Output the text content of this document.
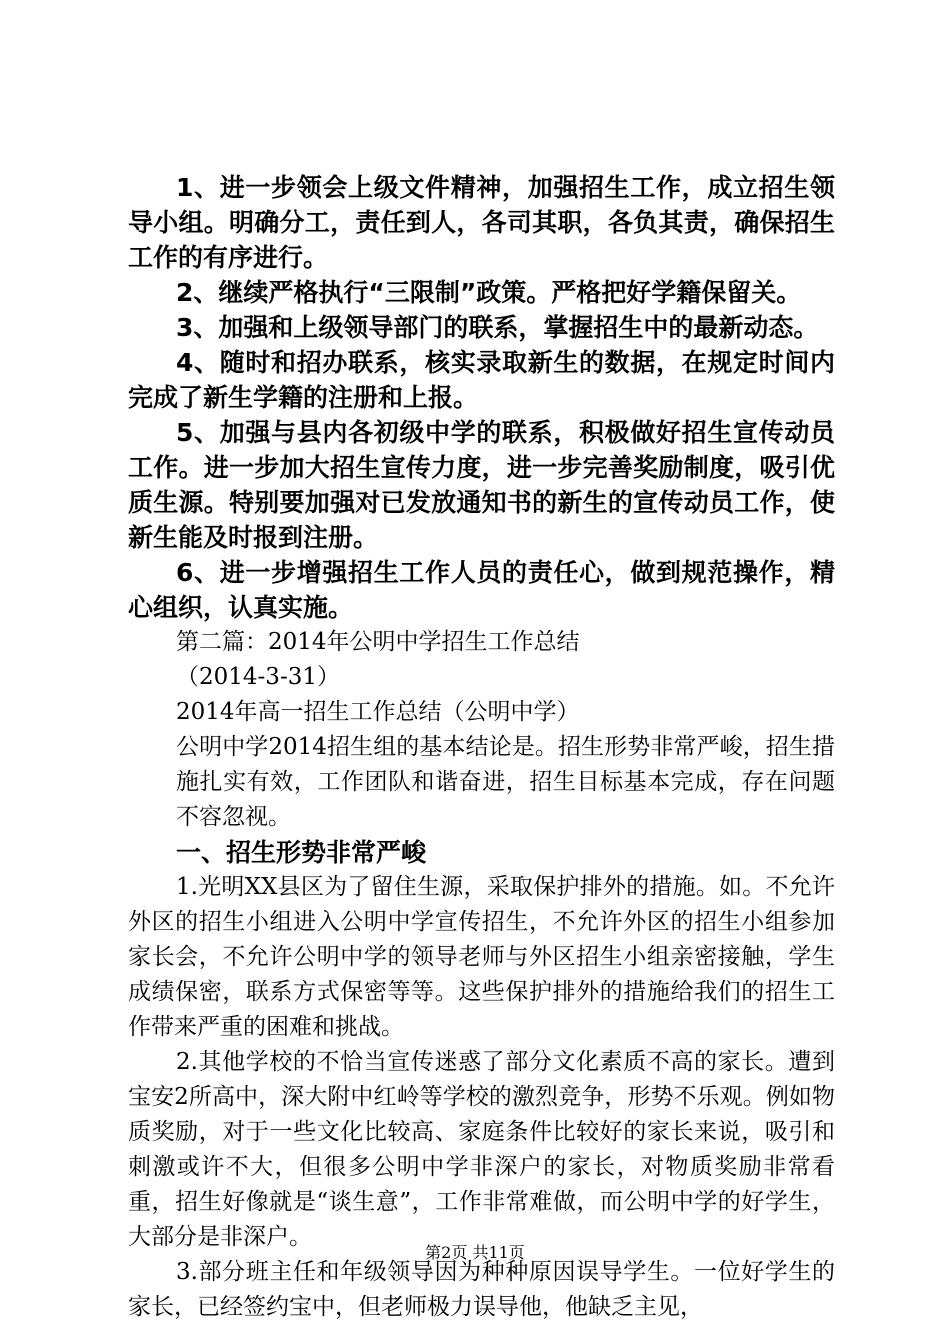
1、进一步领会上级文件精神，加强招生工作，成立招生领导小组。明确分工，责任到人，各司其职，各负其责，确保招生工作的有序进行。

2、继续严格执行“三限制”政策。严格把好学籍保留关。

3、加强和上级领导部门的联系，掌握招生中的最新动态。

4、随时和招办联系，核实录取新生的数据，在规定时间内完成了新生学籍的注册和上报。

5、加强与县内各初级中学的联系，积极做好招生宣传动员工作。进一步加大招生宣传力度，进一步完善奖励制度，吸引优质生源。特别要加强对已发放通知书的新生的宣传动员工作，使新生能及时报到注册。

6、进一步增强招生工作人员的责任心，做到规范操作，精心组织，认真实施。

第二篇：2014年公明中学招生工作总结

（2014-3-31）

2014年高一招生工作总结（公明中学）

公明中学2014招生组的基本结论是。招生形势非常严峻，招生措施扎实有效，工作团队和谐奋进，招生目标基本完成，存在问题不容忽视。

一、招生形势非常严峻

1.光明XX县区为了留住生源，采取保护排外的措施。如。不允许外区的招生小组进入公明中学宣传招生，不允许外区的招生小组参加家长会，不允许公明中学的领导老师与外区招生小组亲密接触，学生成绩保密，联系方式保密等等。这些保护排外的措施给我们的招生工作带来严重的困难和挑战。

2.其他学校的不恰当宣传迷惑了部分文化素质不高的家长。遭到宝安2所高中，深大附中红岭等学校的激烈竞争，形势不乐观。例如物质奖励，对于一些文化比较高、家庭条件比较好的家长来说，吸引和刺激或许不大，但很多公明中学非深户的家长，对物质奖励非常看重，招生好像就是“谈生意”，工作非常难做，而公明中学的好学生，大部分是非深户。

3.部分班主任和年级领导因为种种原因误导学生。一位好学生的家长，已经签约宝中，但老师极力误导他，他缺乏主见，

第2页 共11页
